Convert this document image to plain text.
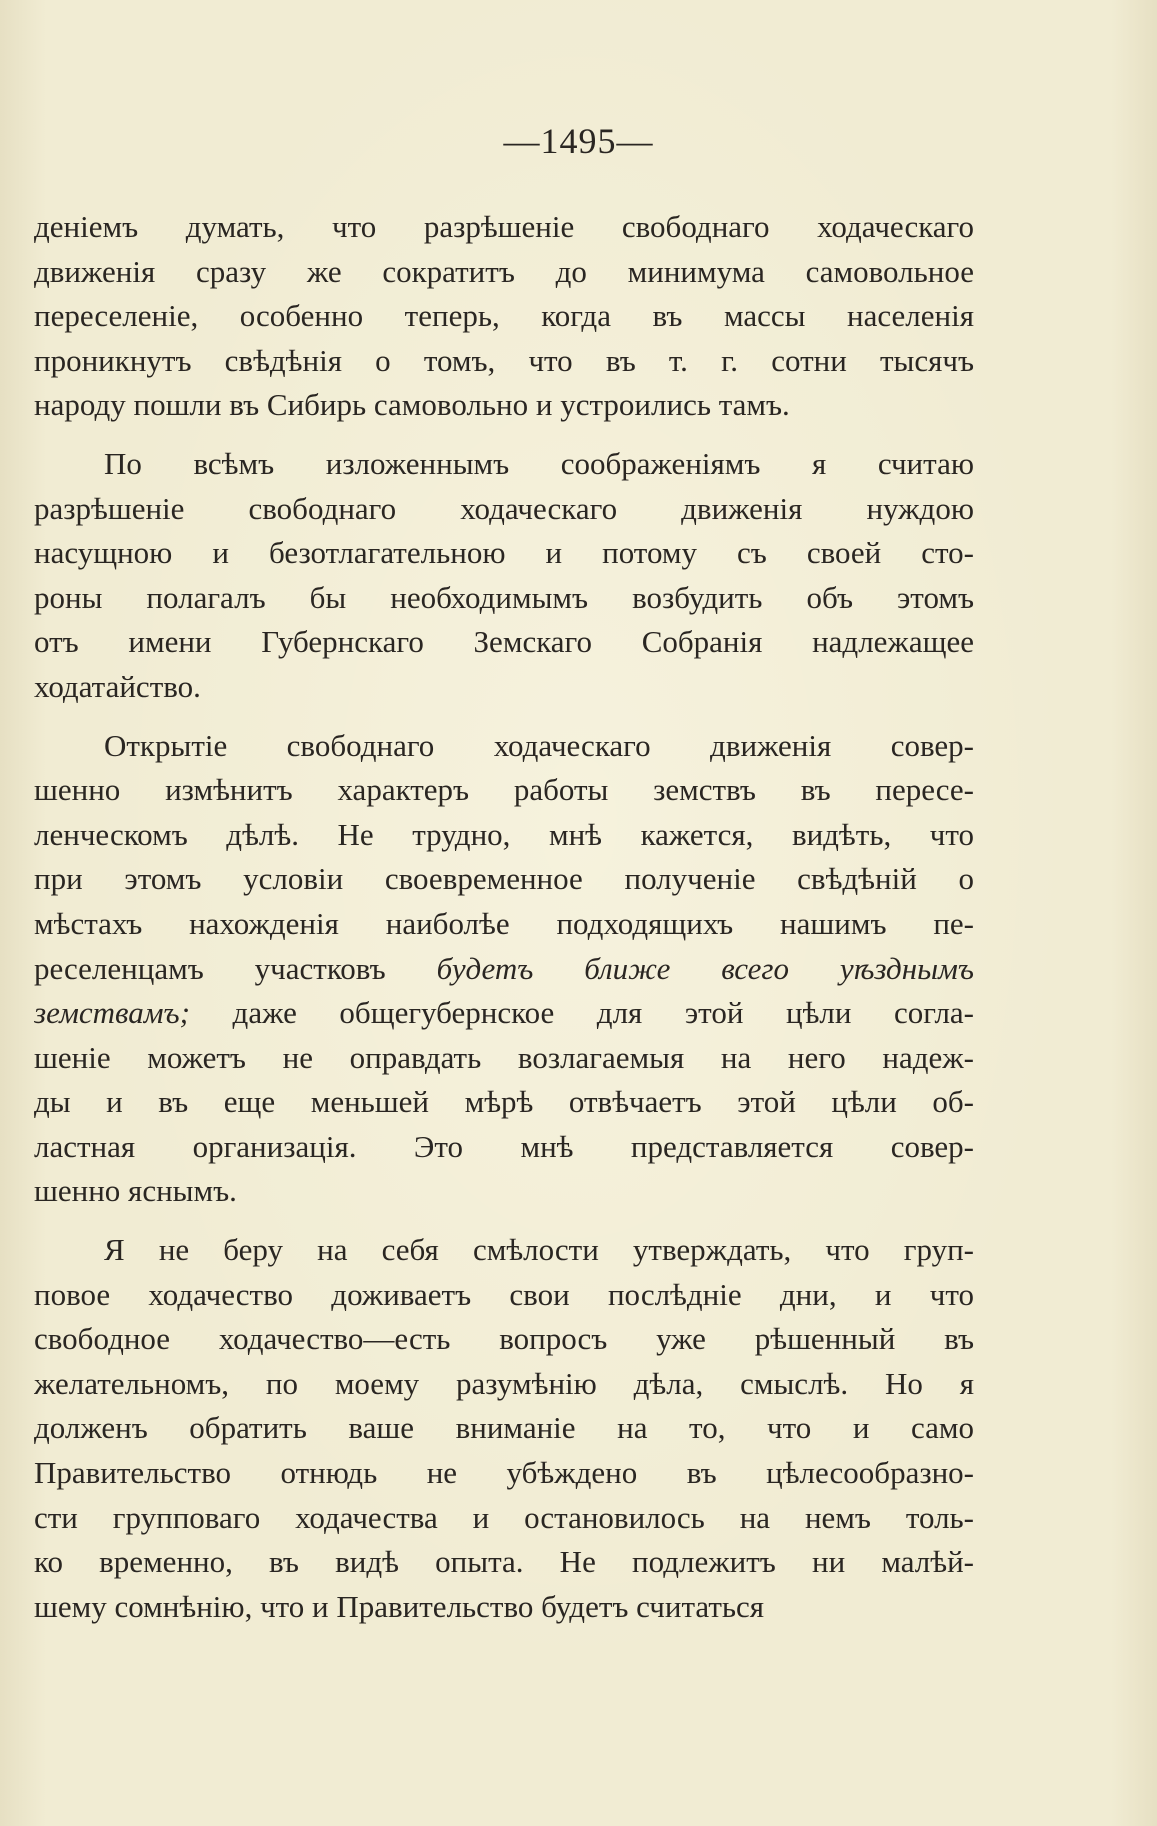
—1495—

деніемъ думать, что разрѣшеніе свободнаго ходаческаго
движенія сразу же сократитъ до минимума самовольное
переселеніе, особенно теперь, когда въ массы населенія
проникнутъ свѣдѣнія о томъ, что въ т. г. сотни тысячъ
народу пошли въ Сибирь самовольно и устроились тамъ.
По всѣмъ изложеннымъ соображеніямъ я считаю
разрѣшеніе свободнаго ходаческаго движенія нуждою
насущною и безотлагательною и потому съ своей сто-
роны полагалъ бы необходимымъ возбудить объ этомъ
отъ имени Губернскаго Земскаго Собранія надлежащее
ходатайство.
Открытіе свободнаго ходаческаго движенія совер-
шенно измѣнитъ характеръ работы земствъ въ пересе-
ленческомъ дѣлѣ. Не трудно, мнѣ кажется, видѣть, что
при этомъ условіи своевременное полученіе свѣдѣній о
мѣстахъ нахожденія наиболѣе подходящихъ нашимъ пе-
реселенцамъ участковъ будетъ ближе всего уѣзднымъ
земствамъ; даже общегубернское для этой цѣли согла-
шеніе можетъ не оправдать возлагаемыя на него надеж-
ды и въ еще меньшей мѣрѣ отвѣчаетъ этой цѣли об-
ластная организація. Это мнѣ представляется совер-
шенно яснымъ.
Я не беру на себя смѣлости утверждать, что груп-
повое ходачество доживаетъ свои послѣдніе дни, и что
свободное ходачество—есть вопросъ уже рѣшенный въ
желательномъ, по моему разумѣнію дѣла, смыслѣ. Но я
долженъ обратить ваше вниманіе на то, что и само
Правительство отнюдь не убѣждено въ цѣлесообразно-
сти групповаго ходачества и остановилось на немъ толь-
ко временно, въ видѣ опыта. Не подлежитъ ни малѣй-
шему сомнѣнію, что и Правительство будетъ считаться
